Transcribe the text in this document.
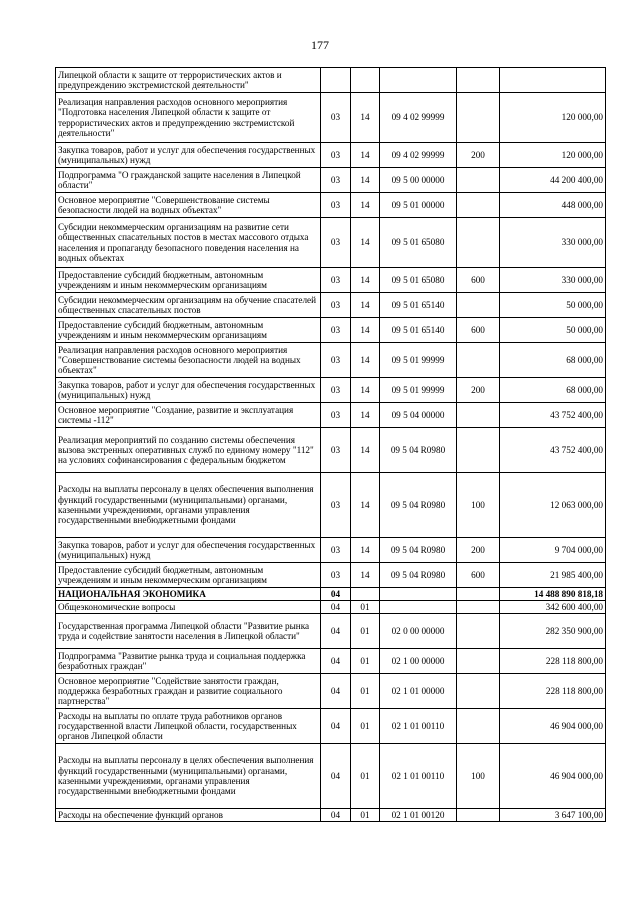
177
Липецкой области к защите от террористических актов и предупреждению экстремистской деятельности"					
Реализация направления расходов основного мероприятия "Подготовка населения Липецкой области к защите от террористических актов и предупреждению экстремистской деятельности"	03	14	09 4 02 99999		120 000,00
Закупка товаров, работ и услуг для обеспечения государственных (муниципальных) нужд	03	14	09 4 02 99999	200	120 000,00
Подпрограмма "О гражданской защите населения в Липецкой области"	03	14	09 5 00 00000		44 200 400,00
Основное мероприятие "Совершенствование системы безопасности людей на водных объектах"	03	14	09 5 01 00000		448 000,00
Субсидии некоммерческим организациям на развитие сети общественных спасательных постов в местах массового отдыха населения и пропаганду безопасного поведения населения на водных объектах	03	14	09 5 01 65080		330 000,00
Предоставление субсидий бюджетным, автономным учреждениям и иным некоммерческим организациям	03	14	09 5 01 65080	600	330 000,00
Субсидии некоммерческим организациям на обучение спасателей общественных спасательных постов	03	14	09 5 01 65140		50 000,00
Предоставление субсидий бюджетным, автономным учреждениям и иным некоммерческим организациям	03	14	09 5 01 65140	600	50 000,00
Реализация направления расходов основного мероприятия "Совершенствование системы безопасности людей на водных объектах"	03	14	09 5 01 99999		68 000,00
Закупка товаров, работ и услуг для обеспечения государственных (муниципальных) нужд	03	14	09 5 01 99999	200	68 000,00
Основное мероприятие "Создание, развитие и эксплуатация системы -112"	03	14	09 5 04 00000		43 752 400,00
Реализация мероприятий по созданию системы обеспечения вызова экстренных оперативных служб по единому номеру "112" на условиях софинансирования с федеральным бюджетом	03	14	09 5 04 R0980		43 752 400,00
Расходы на выплаты персоналу в целях обеспечения выполнения функций государственными (муниципальными) органами, казенными учреждениями, органами управления государственными внебюджетными фондами	03	14	09 5 04 R0980	100	12 063 000,00
Закупка товаров, работ и услуг для обеспечения государственных (муниципальных) нужд	03	14	09 5 04 R0980	200	9 704 000,00
Предоставление субсидий бюджетным, автономным учреждениям и иным некоммерческим организациям	03	14	09 5 04 R0980	600	21 985 400,00
НАЦИОНАЛЬНАЯ ЭКОНОМИКА	04				14 488 890 818,18
Общеэкономические вопросы	04	01			342 600 400,00
Государственная программа Липецкой области "Развитие рынка труда и содействие занятости населения в Липецкой области"	04	01	02 0 00 00000		282 350 900,00
Подпрограмма "Развитие рынка труда и социальная поддержка безработных граждан"	04	01	02 1 00 00000		228 118 800,00
Основное мероприятие "Содействие занятости граждан, поддержка безработных граждан и развитие социального партнерства"	04	01	02 1 01 00000		228 118 800,00
Расходы на выплаты по оплате труда работников органов государственной власти Липецкой области, государственных органов Липецкой области	04	01	02 1 01 00110		46 904 000,00
Расходы на выплаты персоналу в целях обеспечения выполнения функций государственными (муниципальными) органами, казенными учреждениями, органами управления государственными внебюджетными фондами	04	01	02 1 01 00110	100	46 904 000,00
Расходы на обеспечение функций органов	04	01	02 1 01 00120		3 647 100,00
